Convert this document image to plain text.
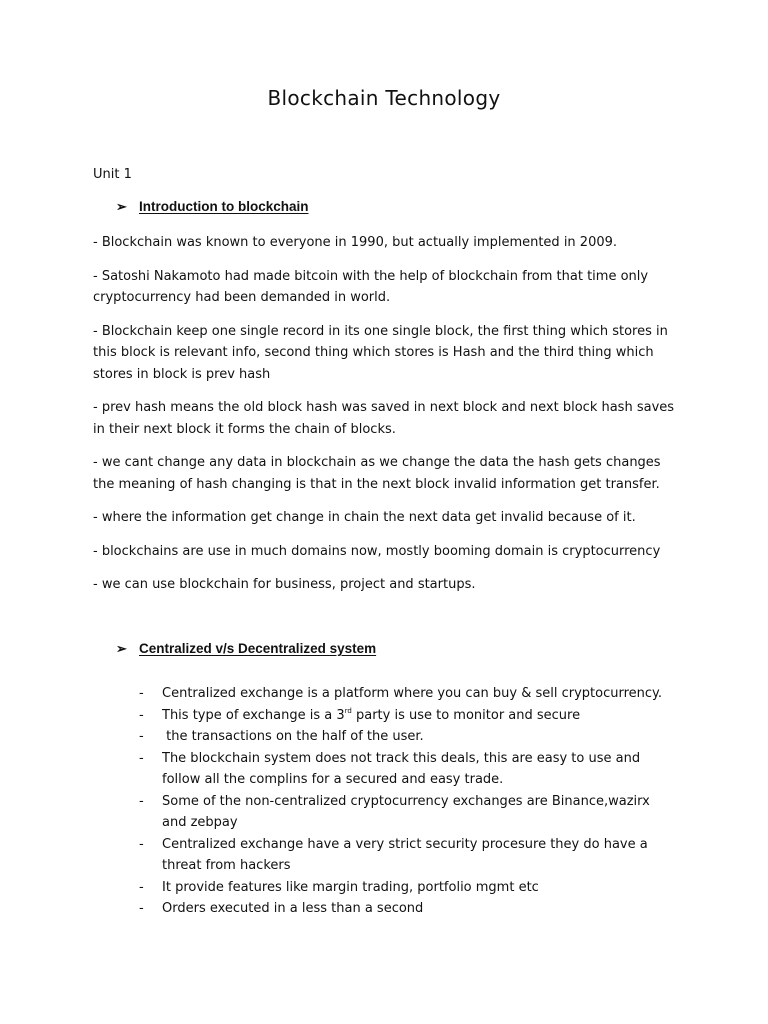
Blockchain Technology
Unit 1
➢ Introduction to blockchain

- Blockchain was known to everyone in 1990, but actually implemented in 2009.

- Satoshi Nakamoto had made bitcoin with the help of blockchain from that time only cryptocurrency had been demanded in world.

- Blockchain keep one single record in its one single block, the first thing which stores in this block is relevant info, second thing which stores is Hash and the third thing which stores in block is prev hash

- prev hash means the old block hash was saved in next block and next block hash saves in their next block it forms the chain of blocks.

- we cant change any data in blockchain as we change the data the hash gets changes the meaning of hash changing is that in the next block invalid information get transfer.

- where the information get change in chain the next data get invalid because of it.

- blockchains are use in much domains now, mostly booming domain is cryptocurrency

- we can use blockchain for business, project and startups.

➢ Centralized v/s Decentralized system
- Centralized exchange is a platform where you can buy & sell cryptocurrency.
- This type of exchange is a 3rd party is use to monitor and secure
- the transactions on the half of the user.
- The blockchain system does not track this deals, this are easy to use and follow all the complins for a secured and easy trade.
- Some of the non-centralized cryptocurrency exchanges are Binance,wazirx and zebpay
- Centralized exchange have a very strict security procesure they do have a threat from hackers
- It provide features like margin trading, portfolio mgmt etc
- Orders executed in a less than a second
